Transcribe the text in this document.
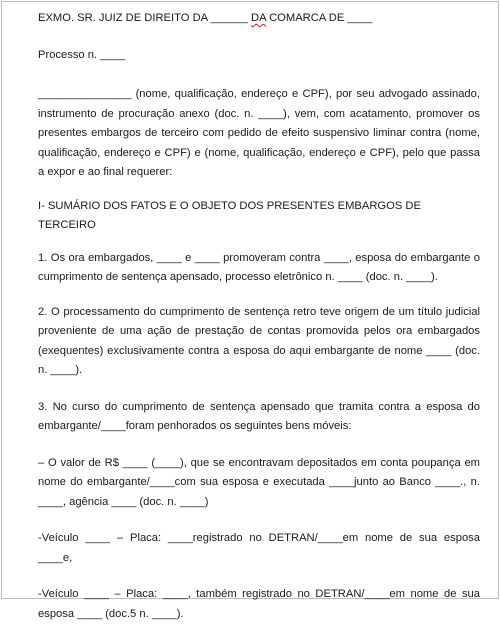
EXMO. SR. JUIZ DE DIREITO DA ______ DA COMARCA DE ____

Processo n. ____

_______________ (nome, qualificação, endereço e CPF), por seu advogado assinado, instrumento de procuração anexo (doc. n. ____), vem, com acatamento, promover os presentes embargos de terceiro com pedido de efeito suspensivo liminar contra (nome, qualificação, endereço e CPF) e (nome, qualificação, endereço e CPF), pelo que passa a expor e ao final requerer:

I- SUMÁRIO DOS FATOS E O OBJETO DOS PRESENTES EMBARGOS DE TERCEIRO

1. Os ora embargados, ____ e ____ promoveram contra ____, esposa do embargante o cumprimento de sentença apensado, processo eletrônico n. ____ (doc. n. ____).

2. O processamento do cumprimento de sentença retro teve origem de um título judicial proveniente de uma ação de prestação de contas promovida pelos ora embargados (exequentes) exclusivamente contra a esposa do aqui embargante de nome ____ (doc. n. ____).

3. No curso do cumprimento de sentença apensado que tramita contra a esposa do embargante/____foram penhorados os seguintes bens móveis:

– O valor de R$ ____ (____), que se encontravam depositados em conta poupança em nome do embargante/____com sua esposa e executada ____junto ao Banco ____., n. ____, agência ____ (doc. n. ____)

-Veículo ____ – Placa: ____registrado no DETRAN/____em nome de sua esposa ____e,

-Veículo ____ – Placa: ____, também registrado no DETRAN/____em nome de sua esposa ____ (doc.5 n. ____).
